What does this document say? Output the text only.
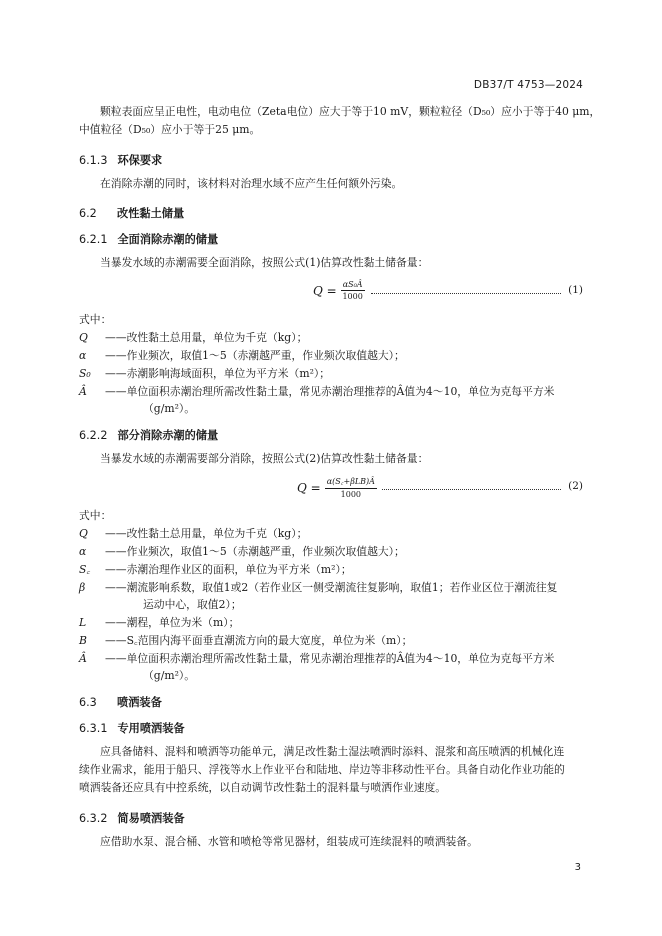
DB37/T 4753—2024
颗粒表面应呈正电性，电动电位（Zeta电位）应大于等于10 mV，颗粒粒径（D₅₀）应小于等于40 μm，
中值粒径（D₅₀）应小于等于25 μm。
6.1.3 环保要求
在消除赤潮的同时，该材料对治理水域不应产生任何额外污染。
6.2 改性黏土储量
6.2.1 全面消除赤潮的储量
当暴发水域的赤潮需要全面消除，按照公式(1)估算改性黏土储备量：
$Q = \frac{\text{αS₀Â}}{1000}$	(1)
式中：
Q ——改性黏土总用量，单位为千克（kg）；
α ——作业频次，取值1～5（赤潮越严重，作业频次取值越大）；
S₀ ——赤潮影响海域面积，单位为平方米（m²）；
Â ——单位面积赤潮治理所需改性黏土量，常见赤潮治理推荐的Â值为4～10，单位为克每平方米
（g/m²）。
6.2.2 部分消除赤潮的储量
当暴发水域的赤潮需要部分消除，按照公式(2)估算改性黏土储备量：
$Q = \frac{\text{α(S꜀+βLB)Â}}{1000}$	(2)
式中：
Q ——改性黏土总用量，单位为千克（kg）；
α ——作业频次，取值1～5（赤潮越严重，作业频次取值越大）；
S꜀ ——赤潮治理作业区的面积，单位为平方米（m²）；
β ——潮流影响系数，取值1或2（若作业区一侧受潮流往复影响，取值1；若作业区位于潮流往复
运动中心，取值2）；
L ——潮程，单位为米（m）；
B ——S꜀范围内海平面垂直潮流方向的最大宽度，单位为米（m）；
Â ——单位面积赤潮治理所需改性黏土量，常见赤潮治理推荐的Â值为4～10，单位为克每平方米
（g/m²）。
6.3 喷洒装备
6.3.1 专用喷洒装备
应具备储料、混料和喷洒等功能单元，满足改性黏土湿法喷洒时添料、混浆和高压喷洒的机械化连
续作业需求，能用于船只、浮筏等水上作业平台和陆地、岸边等非移动性平台。具备自动化作业功能的
喷洒装备还应具有中控系统，以自动调节改性黏土的混料量与喷洒作业速度。
6.3.2 简易喷洒装备
应借助水泵、混合桶、水管和喷枪等常见器材，组装成可连续混料的喷洒装备。
3
